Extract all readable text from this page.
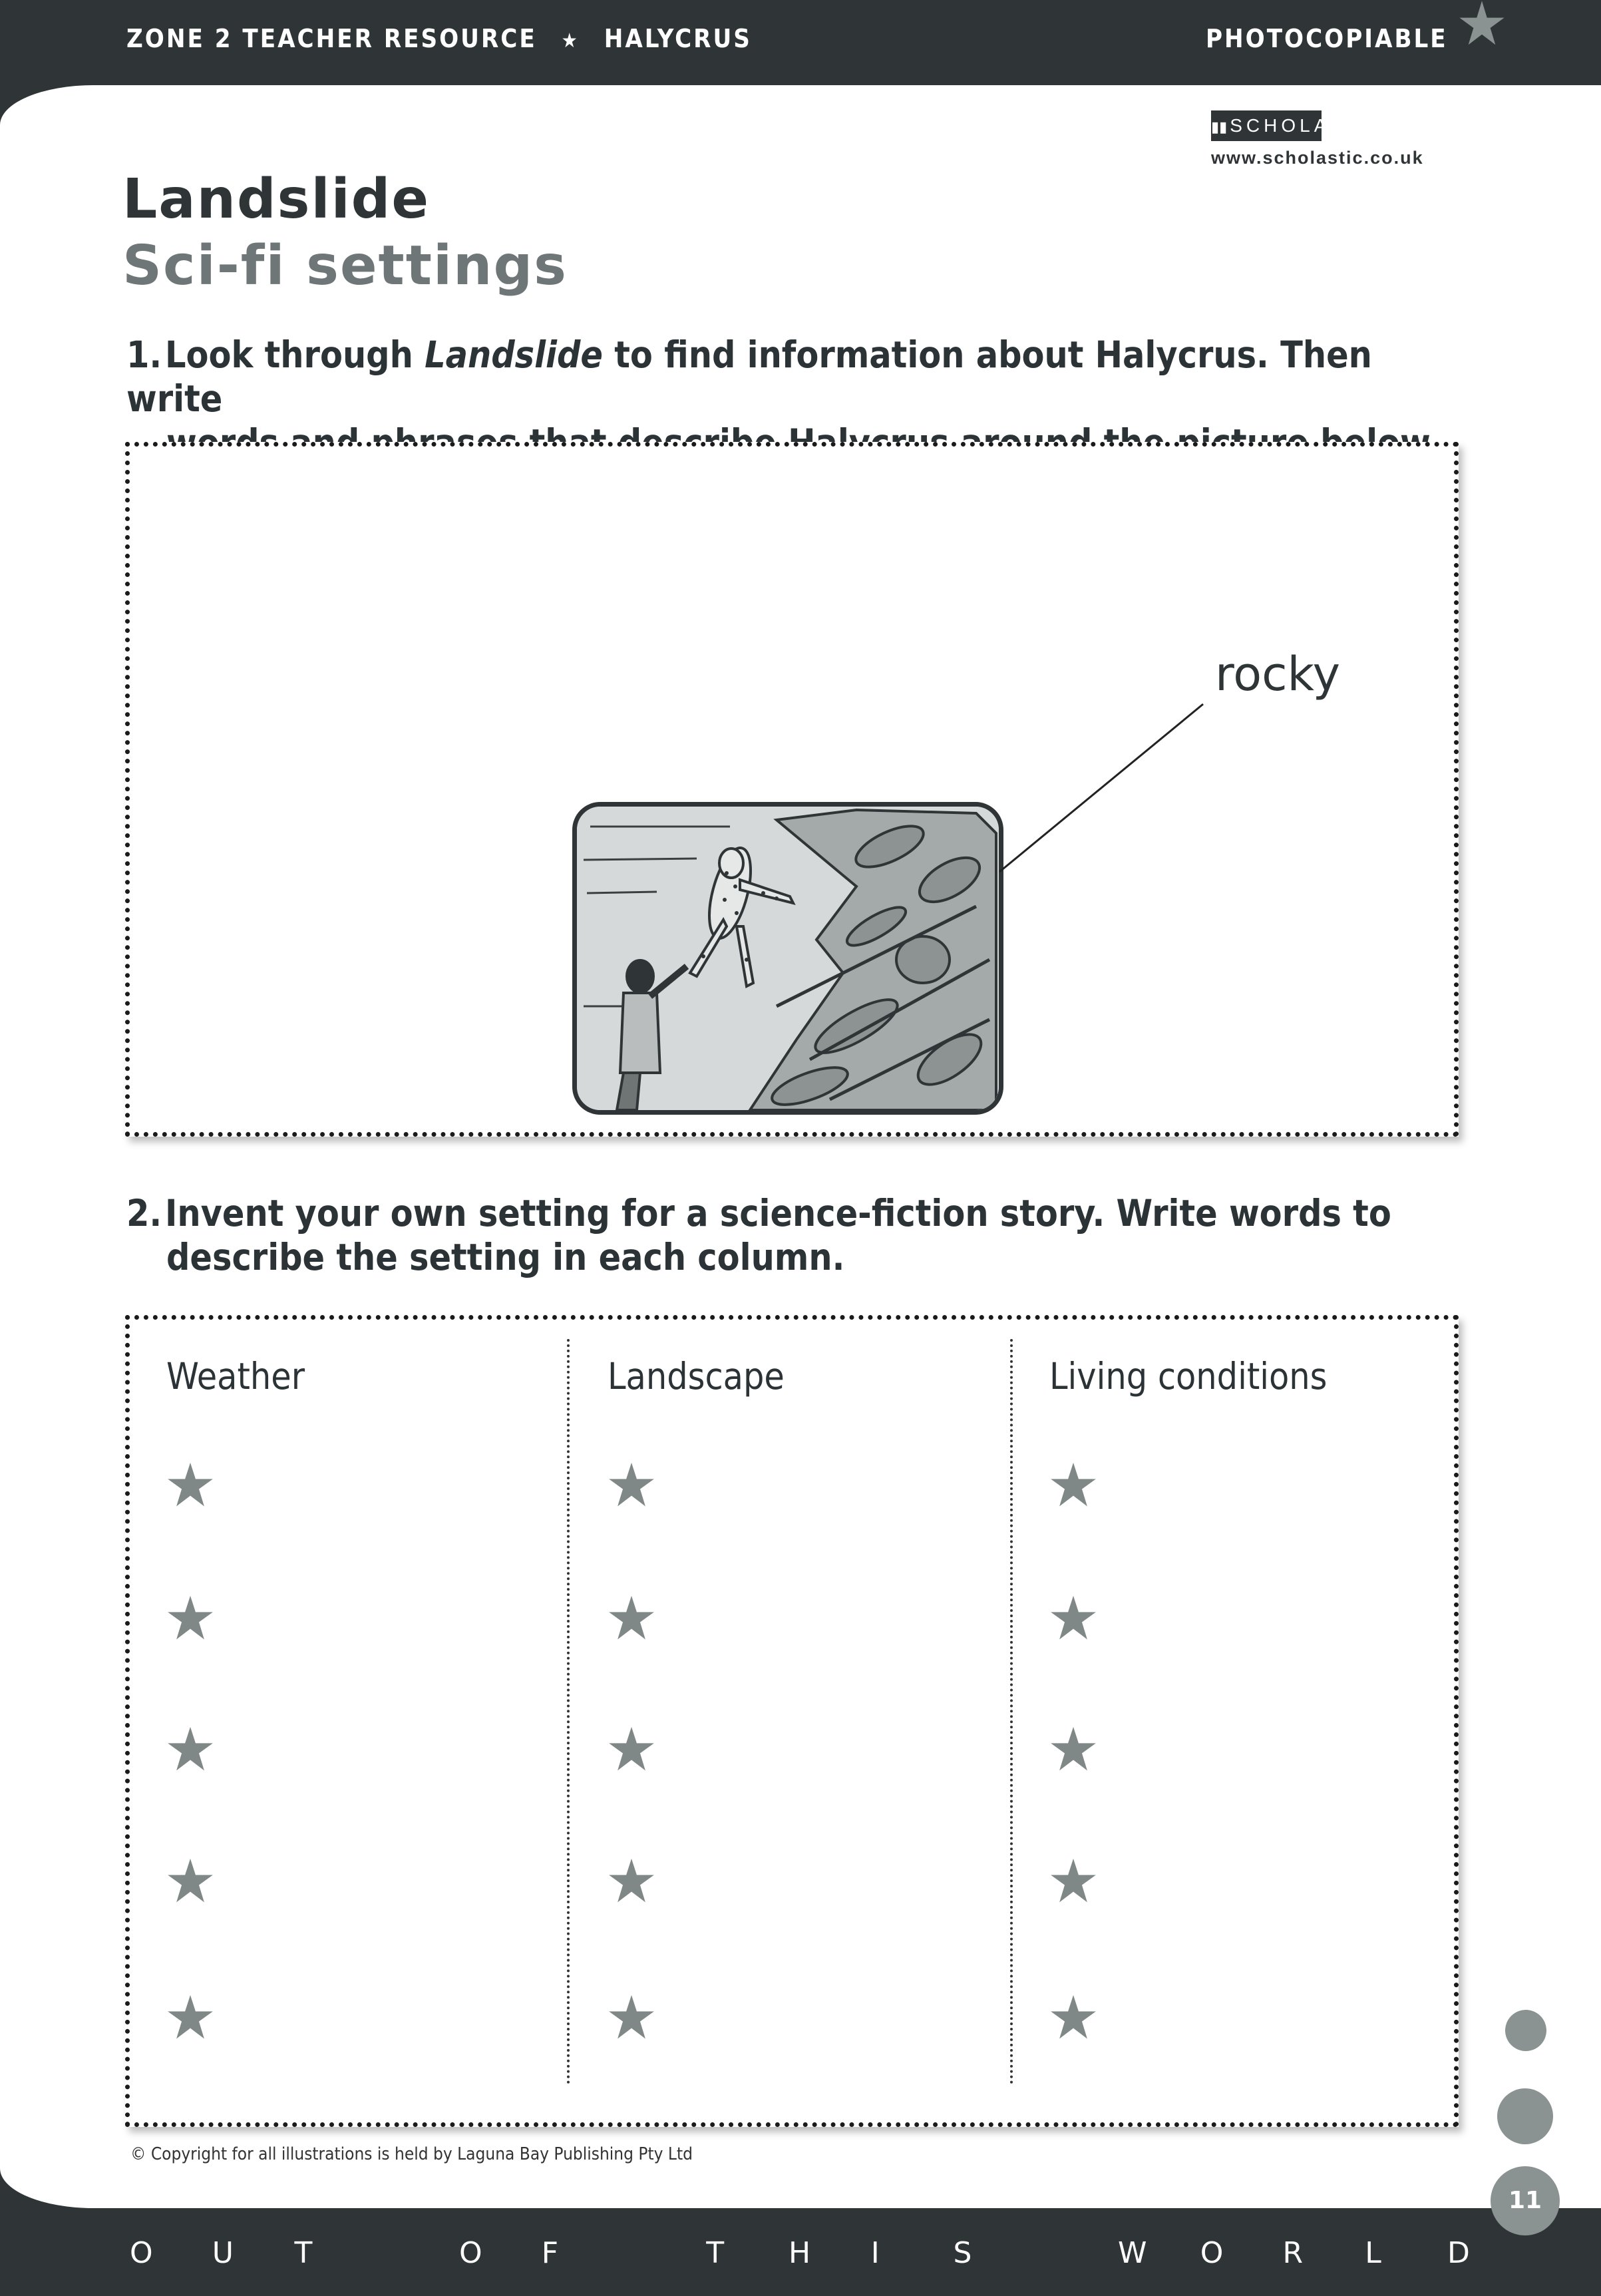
ZONE 2 TEACHER RESOURCE ★ HALYCRUS	PHOTOCOPIABLE
▮▮ SCHOLASTIC
www.scholastic.co.uk
Landslide
Sci-fi settings
1.Look through Landslide to find information about Halycrus. Then write
rocky
2.Invent your own setting for a science-fiction story. Write words to
describe the setting in each column.
Weather	Landscape	Living conditions
© Copyright for all illustrations is held by Laguna Bay Publishing Pty Ltd
11
O U T	O F	T H I	S	W O R L	D
